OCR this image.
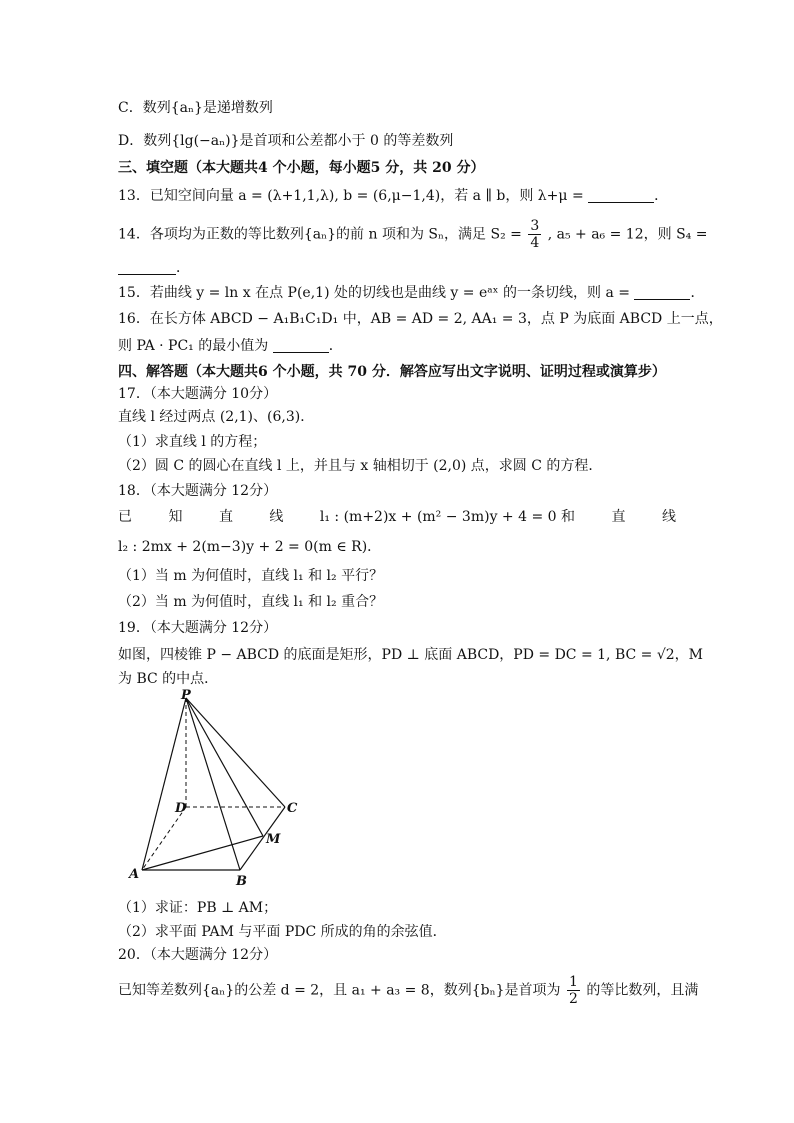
C．数列{aₙ}是递增数列
D．数列{lg(−aₙ)}是首项和公差都小于 0 的等差数列
三、填空题（本大题共4 个小题，每小题5 分，共 20 分）
13．已知空间向量 a = (λ+1,1,λ), b = (6,μ−1,4)，若 a ∥ b，则 λ+μ =	．
14．各项均为正数的等比数列{aₙ}的前 n 项和为 Sₙ，满足 $S_2 = \frac{3}{4}$ , a₅ + a₆ = 12，则 S₄ =
．
15．若曲线 y = ln x 在点 P(e,1) 处的切线也是曲线 y = eᵃˣ 的一条切线，则 a =	．
16．在长方体 ABCD − A₁B₁C₁D₁ 中，AB = AD = 2, AA₁ = 3，点 P 为底面 ABCD 上一点，
则 PA · PC₁ 的最小值为	．
四、解答题（本大题共6 个小题，共 70 分．解答应写出文字说明、证明过程或演算步）
17．（本大题满分 10分）
直线 l 经过两点 (2,1)、(6,3)．
（1）求直线 l 的方程；
（2）圆 C 的圆心在直线 l 上，并且与 x 轴相切于 (2,0) 点，求圆 C 的方程．
18．（本大题满分 12分）
已	知	直	线	l₁ : (m+2)x + (m² − 3m)y + 4 = 0 和	直	线
l₂ : 2mx + 2(m−3)y + 2 = 0(m ∈ R)．
（1）当 m 为何值时，直线 l₁ 和 l₂ 平行？
（2）当 m 为何值时，直线 l₁ 和 l₂ 重合？
19．（本大题满分 12分）
如图，四棱锥 P − ABCD 的底面是矩形，PD ⊥ 底面 ABCD，PD = DC = 1, BC = √2，M
为 BC 的中点．
P
D	C
M
A	B
（1）求证：PB ⊥ AM；
（2）求平面 PAM 与平面 PDC 所成的角的余弦值．
20．（本大题满分 12分）
已知等差数列{aₙ}的公差 d = 2，且 a₁ + a₃ = 8，数列{bₙ}是首项为 $\frac{1}{2}$ 的等比数列，且满
